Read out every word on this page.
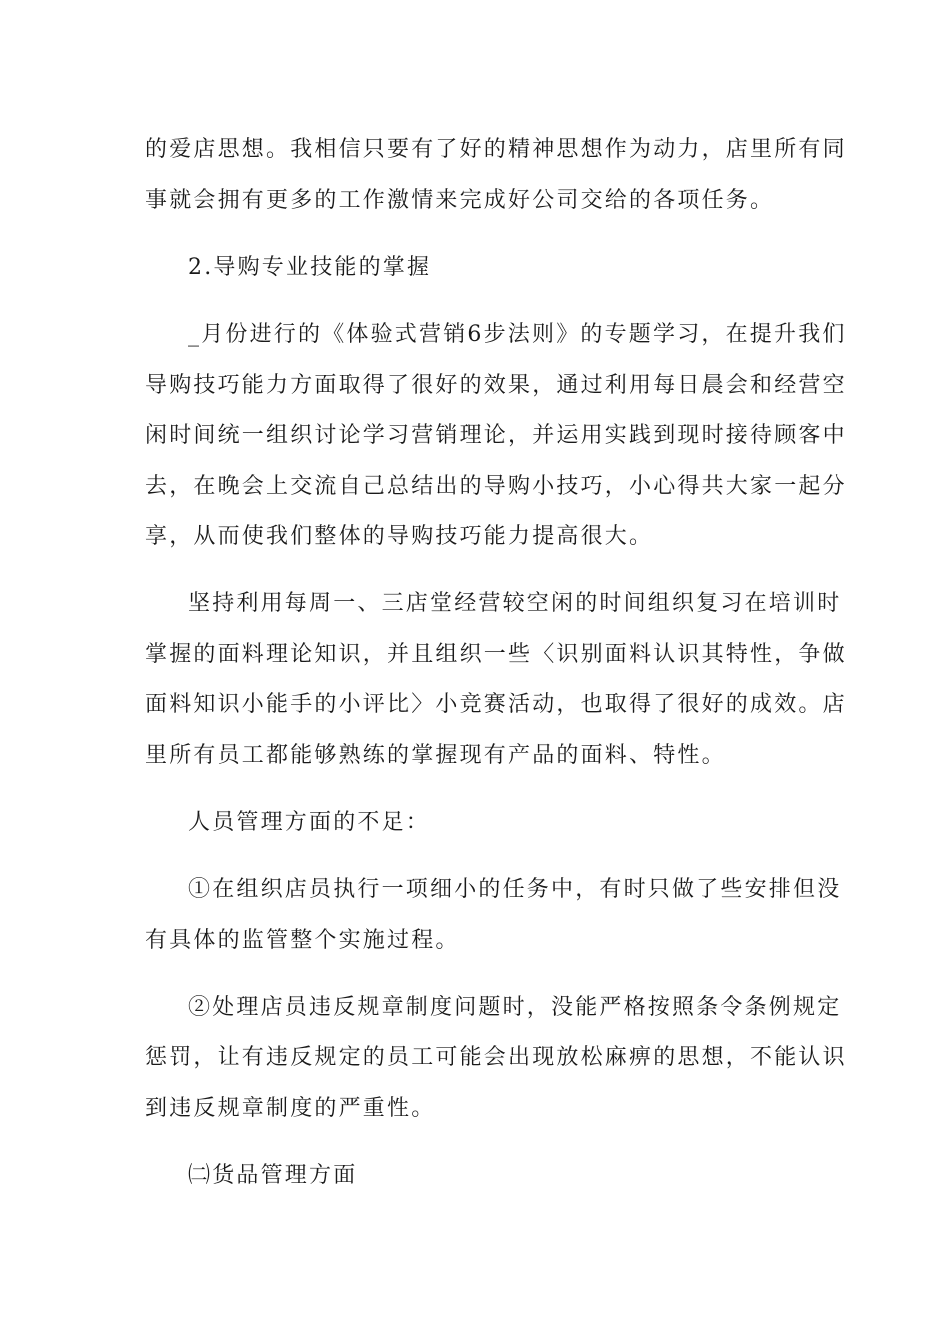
的爱店思想。我相信只要有了好的精神思想作为动力，店里所有同

事就会拥有更多的工作激情来完成好公司交给的各项任务。

2.导购专业技能的掌握

_月份进行的《体验式营销6步法则》的专题学习，在提升我们

导购技巧能力方面取得了很好的效果，通过利用每日晨会和经营空

闲时间统一组织讨论学习营销理论，并运用实践到现时接待顾客中

去，在晚会上交流自己总结出的导购小技巧，小心得共大家一起分

享，从而使我们整体的导购技巧能力提高很大。

坚持利用每周一、三店堂经营较空闲的时间组织复习在培训时

掌握的面料理论知识，并且组织一些〈识别面料认识其特性，争做

面料知识小能手的小评比〉小竞赛活动，也取得了很好的成效。店

里所有员工都能够熟练的掌握现有产品的面料、特性。

人员管理方面的不足：

①在组织店员执行一项细小的任务中，有时只做了些安排但没

有具体的监管整个实施过程。

②处理店员违反规章制度问题时，没能严格按照条令条例规定

惩罚，让有违反规定的员工可能会出现放松麻痹的思想，不能认识

到违反规章制度的严重性。

㈡货品管理方面
